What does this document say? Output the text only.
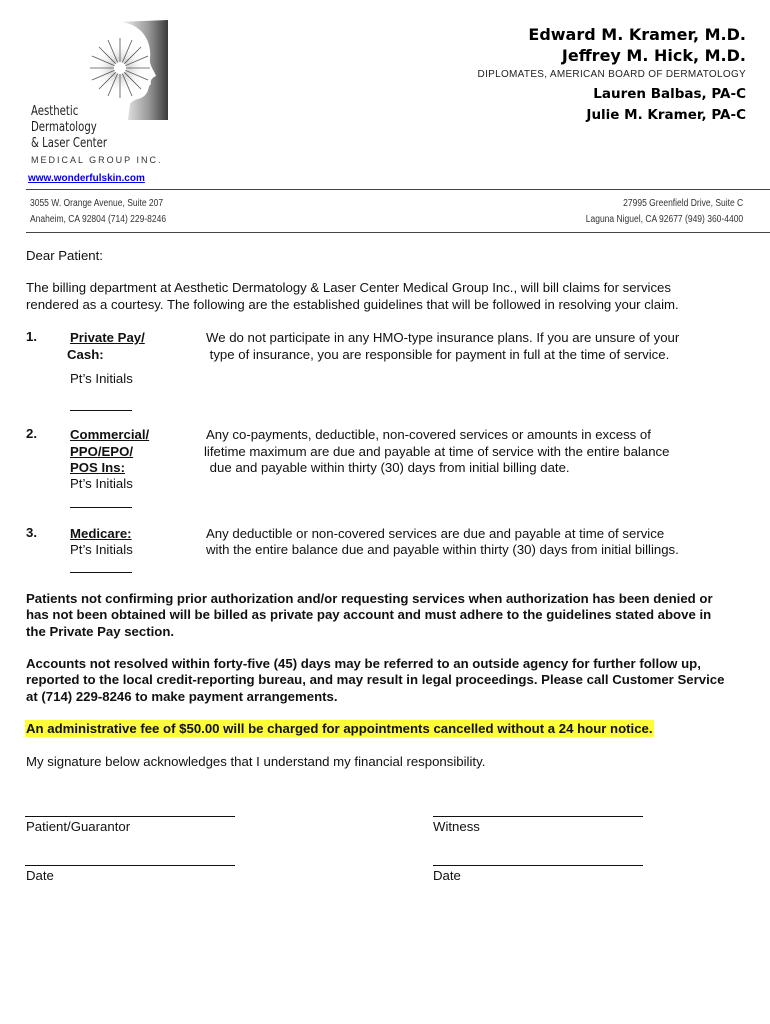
Aesthetic
Dermatology
& Laser Center
MEDICAL GROUP INC.
www.wonderfulskin.com
Edward M. Kramer, M.D.
Jeffrey M. Hick, M.D.
DIPLOMATES, AMERICAN BOARD OF DERMATOLOGY
Lauren Balbas, PA-C
Julie M. Kramer, PA-C
3055 W. Orange Avenue, Suite 207
Anaheim, CA 92804 (714) 229-8246
27995 Greenfield Drive, Suite C
Laguna Niguel, CA 92677 (949) 360-4400
Dear Patient:
The billing department at Aesthetic Dermatology & Laser Center Medical Group Inc., will bill claims for services
rendered as a courtesy. The following are the established guidelines that will be followed in resolving your claim.
1.	Private Pay/
Cash:
Pt’s Initials
We do not participate in any HMO-type insurance plans. If you are unsure of your
type of insurance, you are responsible for payment in full at the time of service.
2.	Commercial/
PPO/EPO/
POS Ins:
Pt’s Initials
Any co-payments, deductible, non-covered services or amounts in excess of
lifetime maximum are due and payable at time of service with the entire balance
due and payable within thirty (30) days from initial billing date.
3.	Medicare:
Pt’s Initials
Any deductible or non-covered services are due and payable at time of service
with the entire balance due and payable within thirty (30) days from initial billings.
Patients not confirming prior authorization and/or requesting services when authorization has been denied or
has not been obtained will be billed as private pay account and must adhere to the guidelines stated above in
the Private Pay section.
Accounts not resolved within forty-five (45) days may be referred to an outside agency for further follow up,
reported to the local credit-reporting bureau, and may result in legal proceedings. Please call Customer Service
at (714) 229-8246 to make payment arrangements.
An administrative fee of $50.00 will be charged for appointments cancelled without a 24 hour notice.
My signature below acknowledges that I understand my financial responsibility.
Patient/Guarantor	Witness
Date	Date
